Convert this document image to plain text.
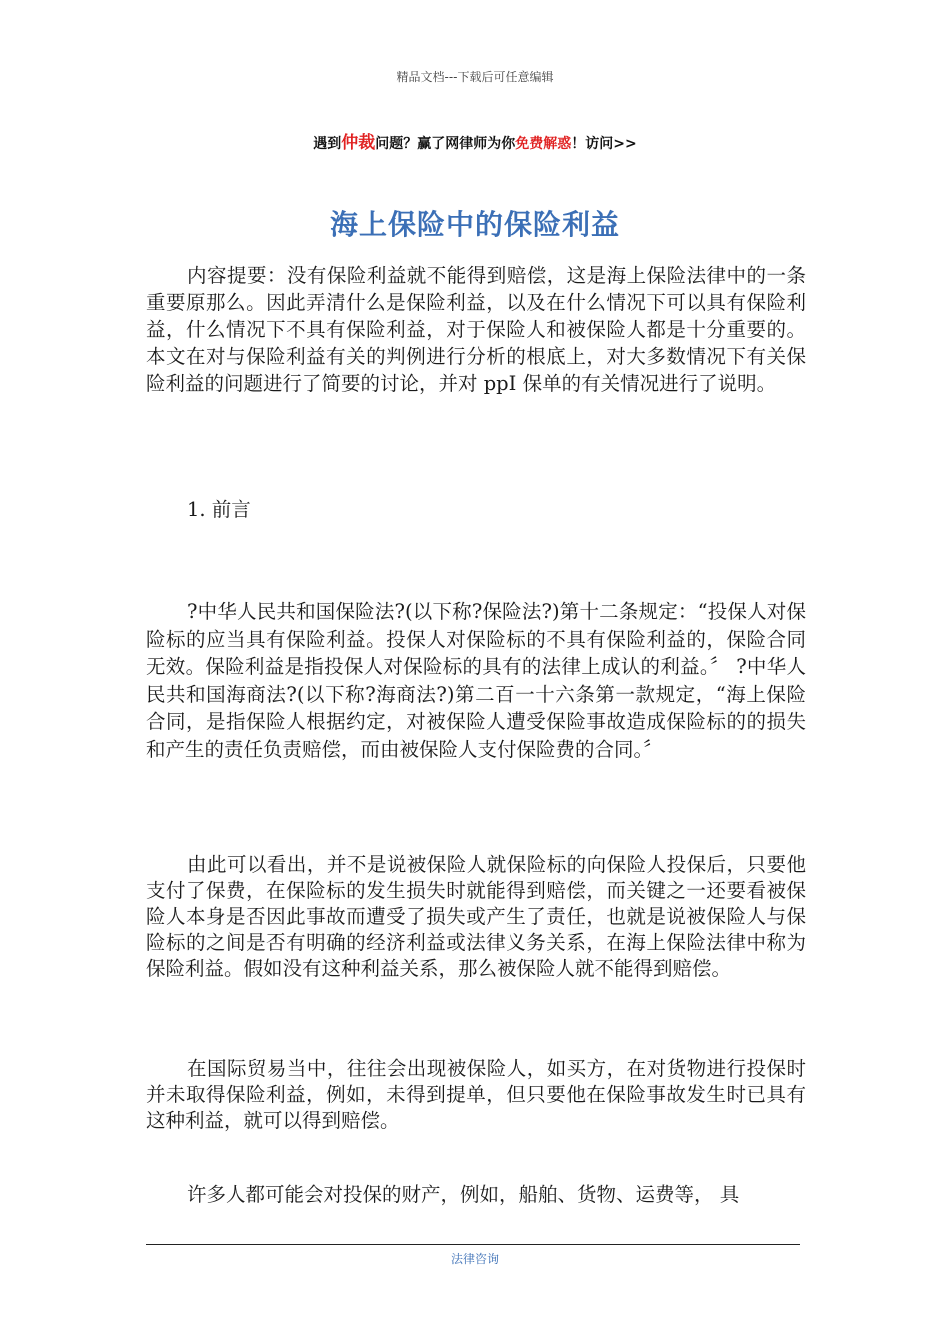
精品文档---下载后可任意编辑
遇到仲裁问题？赢了网律师为你免费解惑！访问>>
海上保险中的保险利益

内容提要：没有保险利益就不能得到赔偿，这是海上保险法律中的一条重要原那么。因此弄清什么是保险利益，以及在什么情况下可以具有保险利益，什么情况下不具有保险利益，对于保险人和被保险人都是十分重要的。本文在对与保险利益有关的判例进行分析的根底上，对大多数情况下有关保险利益的问题进行了简要的讨论，并对 ppI 保单的有关情况进行了说明。

1. 前言

?中华人民共和国保险法?(以下称?保险法?)第十二条规定：“投保人对保险标的应当具有保险利益。投保人对保险标的不具有保险利益的，保险合同无效。保险利益是指投保人对保险标的具有的法律上成认的利益。〞 ?中华人民共和国海商法?(以下称?海商法?)第二百一十六条第一款规定，“海上保险合同，是指保险人根据约定，对被保险人遭受保险事故造成保险标的的损失和产生的责任负责赔偿，而由被保险人支付保险费的合同。〞

由此可以看出，并不是说被保险人就保险标的向保险人投保后，只要他支付了保费，在保险标的发生损失时就能得到赔偿，而关键之一还要看被保险人本身是否因此事故而遭受了损失或产生了责任，也就是说被保险人与保险标的之间是否有明确的经济利益或法律义务关系，在海上保险法律中称为保险利益。假如没有这种利益关系，那么被保险人就不能得到赔偿。

在国际贸易当中，往往会出现被保险人，如买方，在对货物进行投保时并未取得保险利益，例如，未得到提单，但只要他在保险事故发生时已具有这种利益，就可以得到赔偿。

许多人都可能会对投保的财产，例如，船舶、货物、运费等， 具

法律咨询
